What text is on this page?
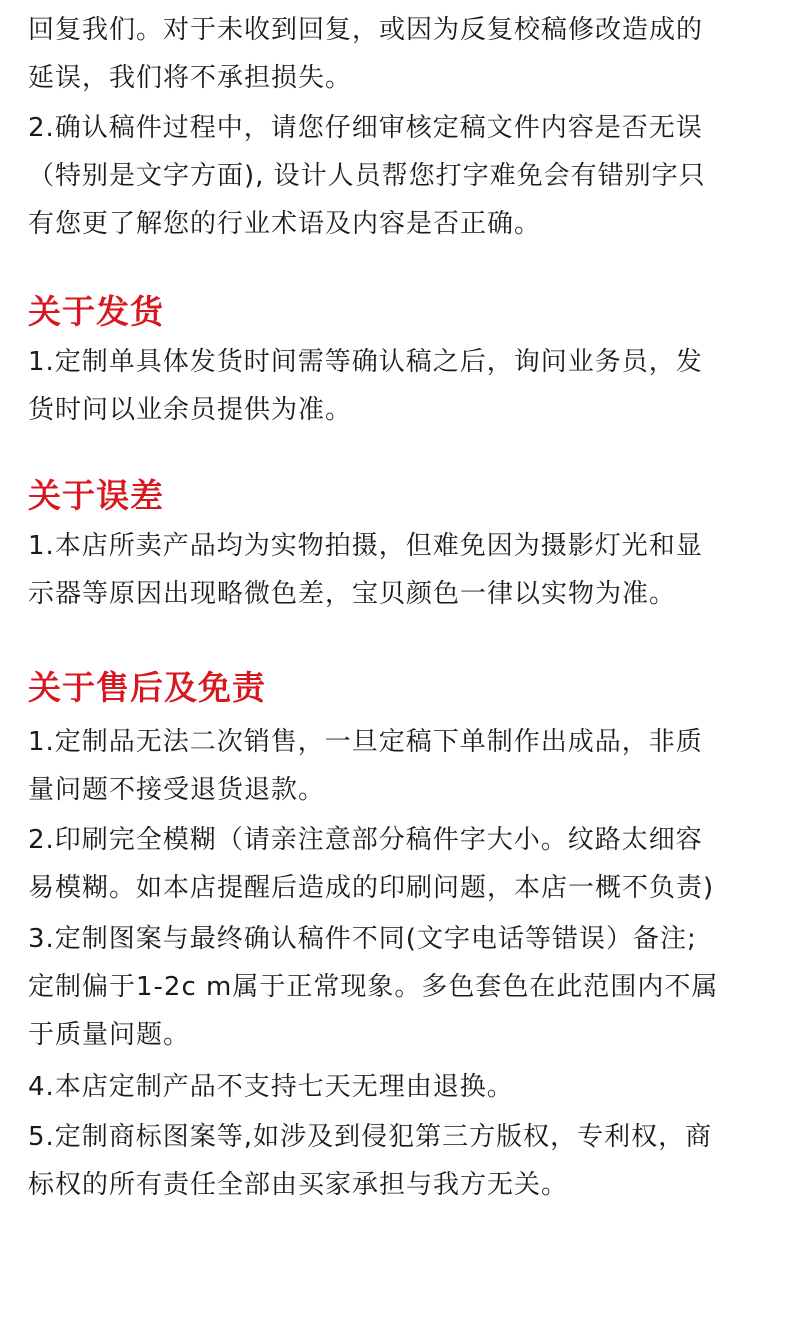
回复我们。对于未收到回复，或因为反复校稿修改造成的

延误，我们将不承担损失。

2.确认稿件过程中，请您仔细审核定稿文件内容是否无误

（特别是文字方面), 设计人员帮您打字难免会有错别字只

有您更了解您的行业术语及内容是否正确。

关于发货

1.定制单具体发货时间需等确认稿之后，询问业务员，发

货时问以业余员提供为准。

关于误差

1.本店所卖产品均为实物拍摄，但难免因为摄影灯光和显

示器等原因出现略微色差，宝贝颜色一律以实物为准。

关于售后及免责

1.定制品无法二次销售，一旦定稿下单制作出成品，非质

量问题不接受退货退款。

2.印刷完全模糊（请亲注意部分稿件字大小。纹路太细容

易模糊。如本店提醒后造成的印刷问题，本店一概不负责)

3.定制图案与最终确认稿件不同(文字电话等错误）备注;

定制偏于1-2c m属于正常现象。多色套色在此范围内不属

于质量问题。

4.本店定制产品不支持七天无理由退换。

5.定制商标图案等,如涉及到侵犯第三方版权，专利权，商

标权的所有责任全部由买家承担与我方无关。
